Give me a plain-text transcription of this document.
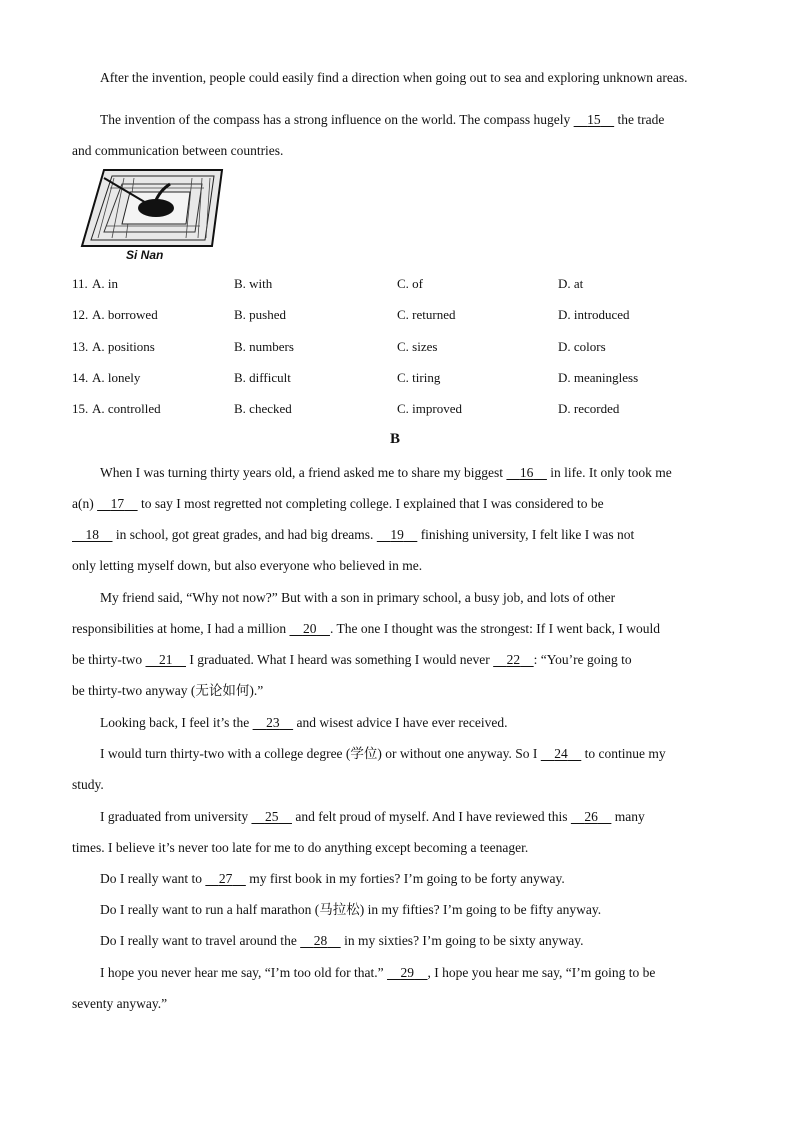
After the invention, people could easily find a direction when going out to sea and exploring unknown areas.
The invention of the compass has a strong influence on the world. The compass hugely 15 the trade
and communication between countries.
Si Nan
11. A. in	B. with	C. of	D. at
12. A. borrowed	B. pushed	C. returned	D. introduced
13. A. positions	B. numbers	C. sizes	D. colors
14. A. lonely	B. difficult	C. tiring	D. meaningless
15. A. controlled	B. checked	C. improved	D. recorded
B
When I was turning thirty years old, a friend asked me to share my biggest 16 in life. It only took me
a(n) 17 to say I most regretted not completing college. I explained that I was considered to be
18 in school, got great grades, and had big dreams. 19 finishing university, I felt like I was not
only letting myself down, but also everyone who believed in me.
My friend said, “Why not now?” But with a son in primary school, a busy job, and lots of other
responsibilities at home, I had a million 20 . The one I thought was the strongest: If I went back, I would
be thirty-two 21 I graduated. What I heard was something I would never 22 : “You’re going to
be thirty-two anyway (无论如何).”
Looking back, I feel it’s the 23 and wisest advice I have ever received.
I would turn thirty-two with a college degree (学位) or without one anyway. So I 24 to continue my
study.
I graduated from university 25 and felt proud of myself. And I have reviewed this 26 many
times. I believe it’s never too late for me to do anything except becoming a teenager.
Do I really want to 27 my first book in my forties? I’m going to be forty anyway.
Do I really want to run a half marathon (马拉松) in my fifties? I’m going to be fifty anyway.
Do I really want to travel around the 28 in my sixties? I’m going to be sixty anyway.
I hope you never hear me say, “I’m too old for that.” 29 , I hope you hear me say, “I’m going to be
seventy anyway.”
